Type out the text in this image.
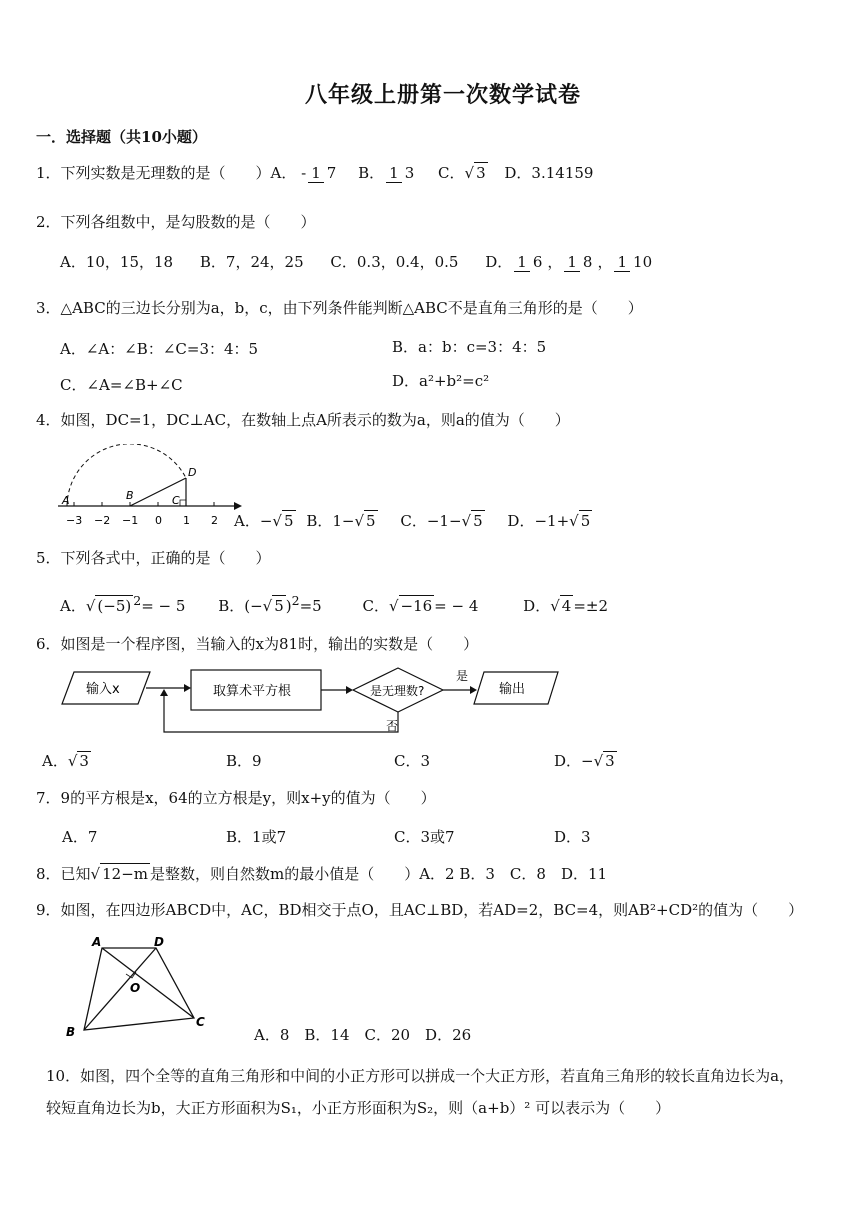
八年级上册第一次数学试卷
一．选择题（共10小题）
1．下列实数是无理数的是（　　）A． - 1 7 B． 1 3 C．√ 3 D．3.14159
2．下列各组数中，是勾股数的是（　　）
A．10，15，18 B．7，24，25 C．0.3，0.4，0.5 D． 1 6 ， 1 8 ， 1 10
3．△ABC的三边长分别为a，b，c，由下列条件能判断△ABC不是直角三角形的是（　　）
A．∠A：∠B：∠C=3：4：5	B．a：b：c=3：4：5
C．∠A=∠B+∠C	D．a²+b²=c²
4．如图，DC=1，DC⊥AC，在数轴上点A所表示的数为a，则a的值为（　　）
A	B	C
D
−3 −2 −1 0 1 2 A．−√ 5 B．1−√ 5 C．−1−√ 5 D．−1+√ 5
5．下列各式中，正确的是（　　）
A．√ (−5) $^2$= − 5 B．(−√ 5 )$^2$=5	C．√ −16 = − 4	D．√ 4 =±2
6．如图是一个程序图，当输入的x为81时，输出的实数是（　　）
输入x	取算术平方根	是无理数?
是
输出
否
A．√ 3	B．9	C．3	D．−√ 3
7．9的平方根是x，64的立方根是y，则x+y的值为（　　）
A．7	B．1或7	C．3或7	D．3
8．已知√ 12−m 是整数，则自然数m的最小值是（　　）A．2 B．3　C．8　D．11
9．如图，在四边形ABCD中，AC，BD相交于点O，且AC⊥BD，若AD=2，BC=4，则AB²+CD²的值为（　　）
A	D
B
C
O
A．8　B．14　C．20　D．26
10．如图，四个全等的直角三角形和中间的小正方形可以拼成一个大正方形，若直角三角形的较长直角边长为a，
较短直角边长为b，大正方形面积为S₁，小正方形面积为S₂，则（a+b）² 可以表示为（　　）
